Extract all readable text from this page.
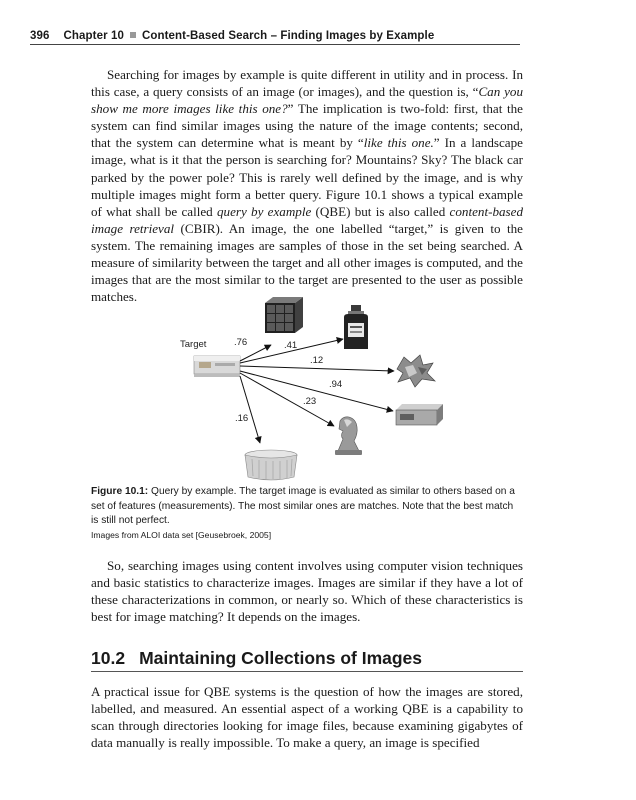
396 Chapter 10 Content-Based Search – Finding Images by Example

Searching for images by example is quite different in utility and in process. In this case, a query consists of an image (or images), and the question is, “Can you show me more images like this one?” The implication is two-fold: first, that the system can find similar images using the nature of the image contents; second, that the system can determine what is meant by “like this one.” In a landscape image, what is it that the person is searching for? Mountains? Sky? The black car parked by the power pole? This is rarely well defined by the image, and is why multiple images might form a better query. Figure 10.1 shows a typical example of what shall be called query by example (QBE) but is also called content-based image retrieval (CBIR). An image, the one labelled “target,” is given to the system. The remaining images are samples of those in the set being searched. A measure of similarity between the target and all other images is computed, and the images that are the most similar to the target are presented to the user as possible matches.

Target	.76	.41
.12
.94
.23
.16

Figure 10.1: Query by example. The target image is evaluated as similar to others based on a set of features (measurements). The most similar ones are matches. Note that the best match is still not perfect.

Images from ALOI data set [Geusebroek, 2005]

So, searching images using content involves using computer vision techniques and basic statistics to characterize images. Images are similar if they have a lot of these characterizations in common, or nearly so. Which of these characteristics is best for image matching? It depends on the images.

10.2 Maintaining Collections of Images

A practical issue for QBE systems is the question of how the images are stored, labelled, and measured. An essential aspect of a working QBE is a capability to scan through directories looking for image files, because examining gigabytes of data manually is really impossible. To make a query, an image is specified
